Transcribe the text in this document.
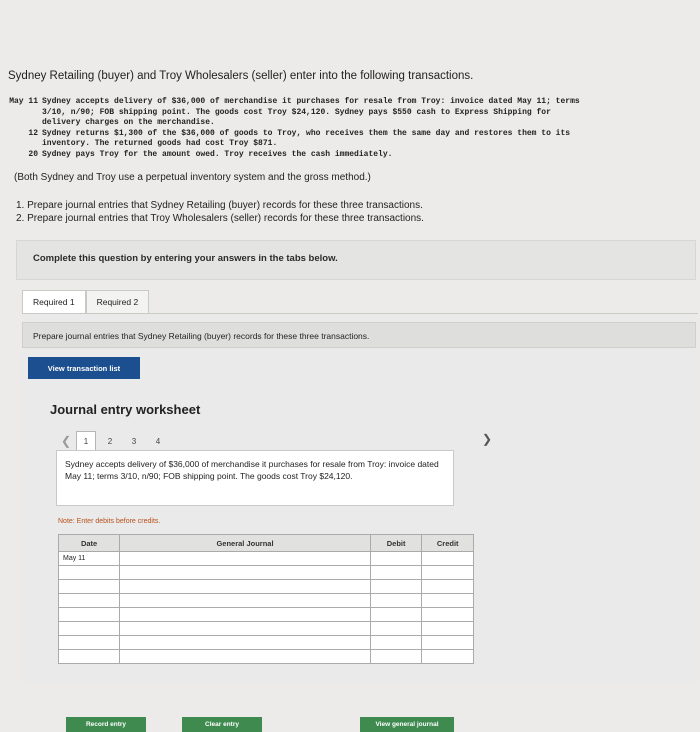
Sydney Retailing (buyer) and Troy Wholesalers (seller) enter into the following transactions.
May 11 Sydney accepts delivery of $36,000 of merchandise it purchases for resale from Troy: invoice dated May 11; terms
3/10, n/90; FOB shipping point. The goods cost Troy $24,120. Sydney pays $550 cash to Express Shipping for
delivery charges on the merchandise.
12 Sydney returns $1,300 of the $36,000 of goods to Troy, who receives them the same day and restores them to its
inventory. The returned goods had cost Troy $871.
20 Sydney pays Troy for the amount owed. Troy receives the cash immediately.
(Both Sydney and Troy use a perpetual inventory system and the gross method.)
1. Prepare journal entries that Sydney Retailing (buyer) records for these three transactions.
2. Prepare journal entries that Troy Wholesalers (seller) records for these three transactions.
Complete this question by entering your answers in the tabs below.
Required 1	Required 2
Prepare journal entries that Sydney Retailing (buyer) records for these three transactions.
View transaction list
Journal entry worksheet
❮	1	2	3	4	❯
Sydney accepts delivery of $36,000 of merchandise it purchases for resale from Troy: invoice dated May 11; terms 3/10, n/90; FOB shipping point. The goods cost Troy $24,120.
Note: Enter debits before credits.
Date	General Journal	Debit	Credit
May 11			

Record entry	Clear entry	View general journal
